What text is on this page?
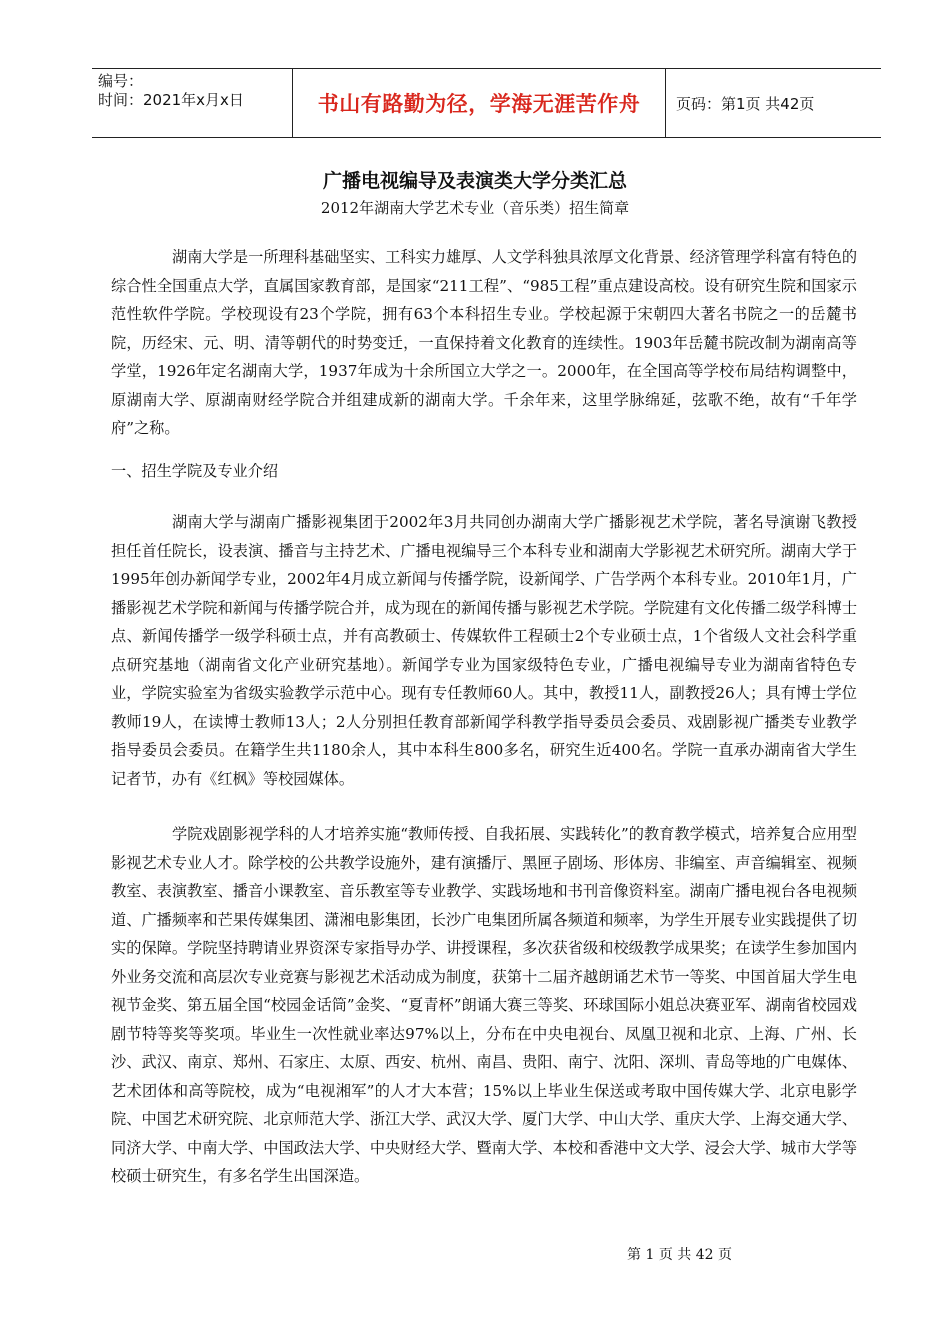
编号：
时间：2021年x月x日	书山有路勤为径，学海无涯苦作舟	页码：第1页 共42页
广播电视编导及表演类大学分类汇总
2012年湖南大学艺术专业（音乐类）招生简章

湖南大学是一所理科基础坚实、工科实力雄厚、人文学科独具浓厚文化背景、经济管理学科富有特色的综合性全国重点大学，直属国家教育部，是国家“211工程”、“985工程”重点建设高校。设有研究生院和国家示范性软件学院。学校现设有23个学院，拥有63个本科招生专业。学校起源于宋朝四大著名书院之一的岳麓书院，历经宋、元、明、清等朝代的时势变迁，一直保持着文化教育的连续性。1903年岳麓书院改制为湖南高等学堂，1926年定名湖南大学，1937年成为十余所国立大学之一。2000年，在全国高等学校布局结构调整中，原湖南大学、原湖南财经学院合并组建成新的湖南大学。千余年来，这里学脉绵延，弦歌不绝，故有“千年学府”之称。

一、招生学院及专业介绍

湖南大学与湖南广播影视集团于2002年3月共同创办湖南大学广播影视艺术学院，著名导演谢飞教授担任首任院长，设表演、播音与主持艺术、广播电视编导三个本科专业和湖南大学影视艺术研究所。湖南大学于1995年创办新闻学专业，2002年4月成立新闻与传播学院，设新闻学、广告学两个本科专业。2010年1月，广播影视艺术学院和新闻与传播学院合并，成为现在的新闻传播与影视艺术学院。学院建有文化传播二级学科博士点、新闻传播学一级学科硕士点，并有高教硕士、传媒软件工程硕士2个专业硕士点，1个省级人文社会科学重点研究基地（湖南省文化产业研究基地）。新闻学专业为国家级特色专业，广播电视编导专业为湖南省特色专业，学院实验室为省级实验教学示范中心。现有专任教师60人。其中，教授11人，副教授26人；具有博士学位教师19人，在读博士教师13人；2人分别担任教育部新闻学科教学指导委员会委员、戏剧影视广播类专业教学指导委员会委员。在籍学生共1180余人，其中本科生800多名，研究生近400名。学院一直承办湖南省大学生记者节，办有《红枫》等校园媒体。

学院戏剧影视学科的人才培养实施“教师传授、自我拓展、实践转化”的教育教学模式，培养复合应用型影视艺术专业人才。除学校的公共教学设施外，建有演播厅、黑匣子剧场、形体房、非编室、声音编辑室、视频教室、表演教室、播音小课教室、音乐教室等专业教学、实践场地和书刊音像资料室。湖南广播电视台各电视频道、广播频率和芒果传媒集团、潇湘电影集团，长沙广电集团所属各频道和频率，为学生开展专业实践提供了切实的保障。学院坚持聘请业界资深专家指导办学、讲授课程，多次获省级和校级教学成果奖；在读学生参加国内外业务交流和高层次专业竞赛与影视艺术活动成为制度，获第十二届齐越朗诵艺术节一等奖、中国首届大学生电视节金奖、第五届全国“校园金话筒”金奖、“夏青杯”朗诵大赛三等奖、环球国际小姐总决赛亚军、湖南省校园戏剧节特等奖等奖项。毕业生一次性就业率达97%以上，分布在中央电视台、凤凰卫视和北京、上海、广州、长沙、武汉、南京、郑州、石家庄、太原、西安、杭州、南昌、贵阳、南宁、沈阳、深圳、青岛等地的广电媒体、艺术团体和高等院校，成为“电视湘军”的人才大本营；15%以上毕业生保送或考取中国传媒大学、北京电影学院、中国艺术研究院、北京师范大学、浙江大学、武汉大学、厦门大学、中山大学、重庆大学、上海交通大学、同济大学、中南大学、中国政法大学、中央财经大学、暨南大学、本校和香港中文大学、浸会大学、城市大学等校硕士研究生，有多名学生出国深造。

第 1 页 共 42 页
